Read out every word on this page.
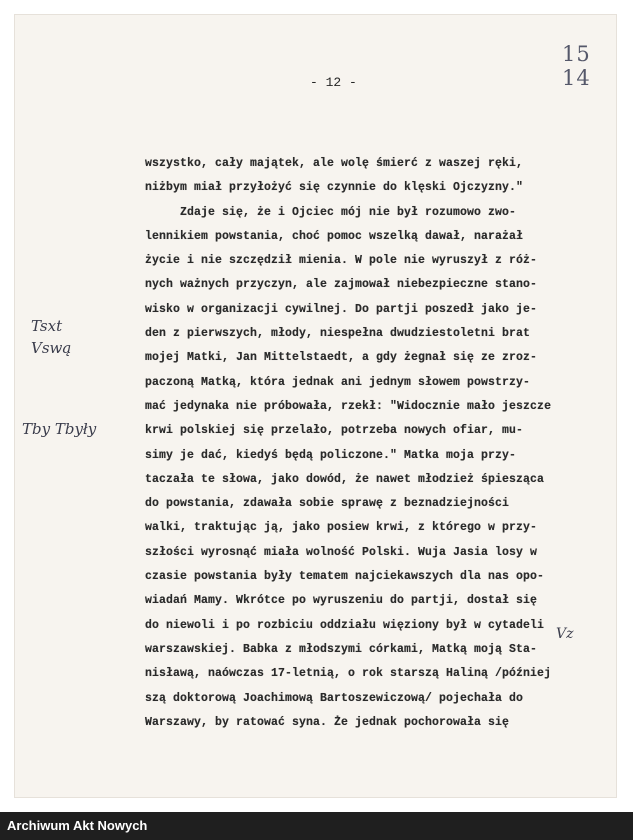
15 14
- 12 -
wszystko, cały majątek, ale wolę śmierć z waszej ręki,
niżbym miał przyłożyć się czynnie do klęski Ojczyzny."
Zdaje się, że i Ojciec mój nie był rozumowo zwo-
lennikiem powstania, choć pomoc wszelką dawał, narażał
życie i nie szczędził mienia. W pole nie wyruszył z róż-
nych ważnych przyczyn, ale zajmował niebezpieczne stano-
wisko w organizacji cywilnej. Do partji poszedł jako je-
den z pierwszych, młody, niespełna dwudziestoletni brat
mojej Matki, Jan Mittelstaedt, a gdy żegnał się ze zroz-
paczoną Matką, która jednak ani jednym słowem powstrzy-
mać jedynaka nie próbowała, rzekł: "Widocznie mało jeszcze
krwi polskiej się przelało, potrzeba nowych ofiar, mu-
simy je dać, kiedyś będą policzone." Matka moja przy-
taczała te słowa, jako dowód, że nawet młodzież śpiesząca
do powstania, zdawała sobie sprawę z beznadziejności
walki, traktując ją, jako posiew krwi, z którego w przy-
szłości wyrosnąć miała wolność Polski. Wuja Jasia losy w
czasie powstania były tematem najciekawszych dla nas opo-
wiadań Mamy. Wkrótce po wyruszeniu do partji, dostał się
do niewoli i po rozbiciu oddziału więziony był w cytadeli
warszawskiej. Babka z młodszymi córkami, Matką moją Sta-
nisławą, naówczas 17-letnią, o rok starszą Haliną /później
szą doktorową Joachimową Bartoszewiczową/ pojechała do
Warszawy, by ratować syna. Że jednak pochorowała się
Tsxt
Vswą
Tby Tbyły
Vz
Archiwum Akt Nowych
